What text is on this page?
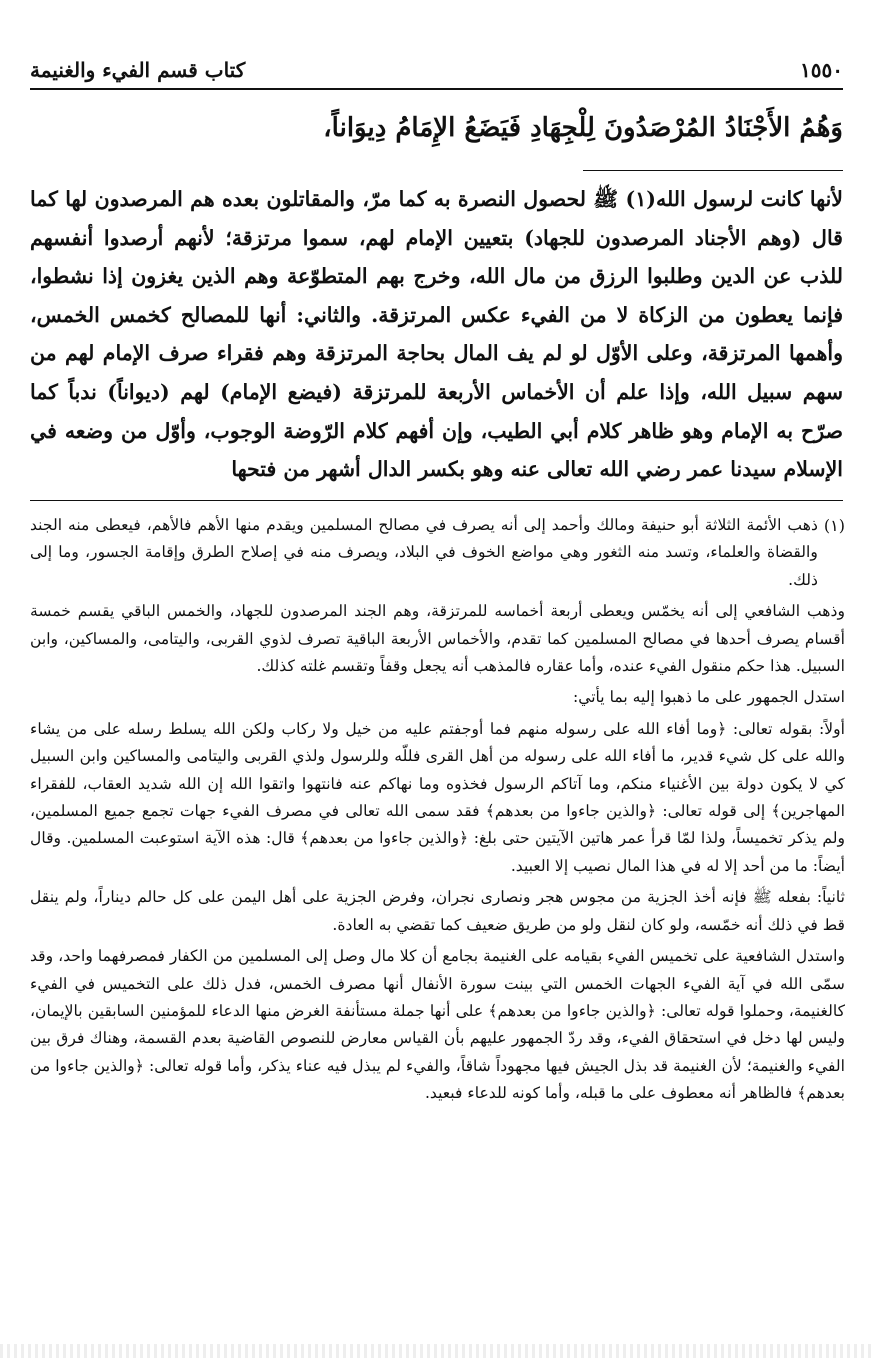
١٥٥٠
كتاب قسم الفيء والغنيمة
وَهُمُ الأَجْنَادُ المُرْصَدُونَ لِلْجِهَادِ فَيَضَعُ الإِمَامُ دِيوَاناً،

لأنها كانت لرسول الله(١) ﷺ لحصول النصرة به كما مرّ، والمقاتلون بعده هم المرصدون لها كما قال (وهم الأجناد المرصدون للجهاد) بتعيين الإمام لهم، سموا مرتزقة؛ لأنهم أرصدوا أنفسهم للذب عن الدين وطلبوا الرزق من مال الله، وخرج بهم المتطوّعة وهم الذين يغزون إذا نشطوا، فإنما يعطون من الزكاة لا من الفيء عكس المرتزقة. والثاني: أنها للمصالح كخمس الخمس، وأهمها المرتزقة، وعلى الأوّل لو لم يف المال بحاجة المرتزقة وهم فقراء صرف الإمام لهم من سهم سبيل الله، وإذا علم أن الأخماس الأربعة للمرتزقة (فيضع الإمام) لهم (ديواناً) ندباً كما صرّح به الإمام وهو ظاهر كلام أبي الطيب، وإن أفهم كلام الرّوضة الوجوب، وأوّل من وضعه في الإسلام سيدنا عمر رضي الله تعالى عنه وهو بكسر الدال أشهر من فتحها

(١)

ذهب الأئمة الثلاثة أبو حنيفة ومالك وأحمد إلى أنه يصرف في مصالح المسلمين ويقدم منها الأهم فالأهم، فيعطى منه الجند والقضاة والعلماء، وتسد منه الثغور وهي مواضع الخوف في البلاد، ويصرف منه في إصلاح الطرق وإقامة الجسور، وما إلى ذلك.

وذهب الشافعي إلى أنه يخمّس ويعطى أربعة أخماسه للمرتزقة، وهم الجند المرصدون للجهاد، والخمس الباقي يقسم خمسة أقسام يصرف أحدها في مصالح المسلمين كما تقدم، والأخماس الأربعة الباقية تصرف لذوي القربى، واليتامى، والمساكين، وابن السبيل. هذا حكم منقول الفيء عنده، وأما عقاره فالمذهب أنه يجعل وقفاً وتقسم غلته كذلك.

استدل الجمهور على ما ذهبوا إليه بما يأتي:

أولاً: بقوله تعالى: ﴿وما أفاء الله على رسوله منهم فما أوجفتم عليه من خيل ولا ركاب ولكن الله يسلط رسله على من يشاء والله على كل شيء قدير، ما أفاء الله على رسوله من أهل القرى فللّه وللرسول ولذي القربى واليتامى والمساكين وابن السبيل كي لا يكون دولة بين الأغنياء منكم، وما آتاكم الرسول فخذوه وما نهاكم عنه فانتهوا واتقوا الله إن الله شديد العقاب، للفقراء المهاجرين﴾ إلى قوله تعالى: ﴿والذين جاءوا من بعدهم﴾ فقد سمى الله تعالى في مصرف الفيء جهات تجمع جميع المسلمين، ولم يذكر تخميساً، ولذا لمّا قرأ عمر هاتين الآيتين حتى بلغ: ﴿والذين جاءوا من بعدهم﴾ قال: هذه الآية استوعبت المسلمين. وقال أيضاً: ما من أحد إلا له في هذا المال نصيب إلا العبيد.

ثانياً: بفعله ﷺ فإنه أخذ الجزية من مجوس هجر ونصارى نجران، وفرض الجزية على أهل اليمن على كل حالم ديناراً، ولم ينقل قط في ذلك أنه خمّسه، ولو كان لنقل ولو من طريق ضعيف كما تقضي به العادة.

واستدل الشافعية على تخميس الفيء بقيامه على الغنيمة بجامع أن كلا مال وصل إلى المسلمين من الكفار فمصرفهما واحد، وقد سمّى الله في آية الفيء الجهات الخمس التي بينت سورة الأنفال أنها مصرف الخمس، فدل ذلك على التخميس في الفيء كالغنيمة، وحملوا قوله تعالى: ﴿والذين جاءوا من بعدهم﴾ على أنها جملة مستأنفة الغرض منها الدعاء للمؤمنين السابقين بالإيمان، وليس لها دخل في استحقاق الفيء، وقد ردّ الجمهور عليهم بأن القياس معارض للنصوص القاضية بعدم القسمة، وهناك فرق بين الفيء والغنيمة؛ لأن الغنيمة قد بذل الجيش فيها مجهوداً شاقاً، والفيء لم يبذل فيه عناء يذكر، وأما قوله تعالى: ﴿والذين جاءوا من بعدهم﴾ فالظاهر أنه معطوف على ما قبله، وأما كونه للدعاء فبعيد.
